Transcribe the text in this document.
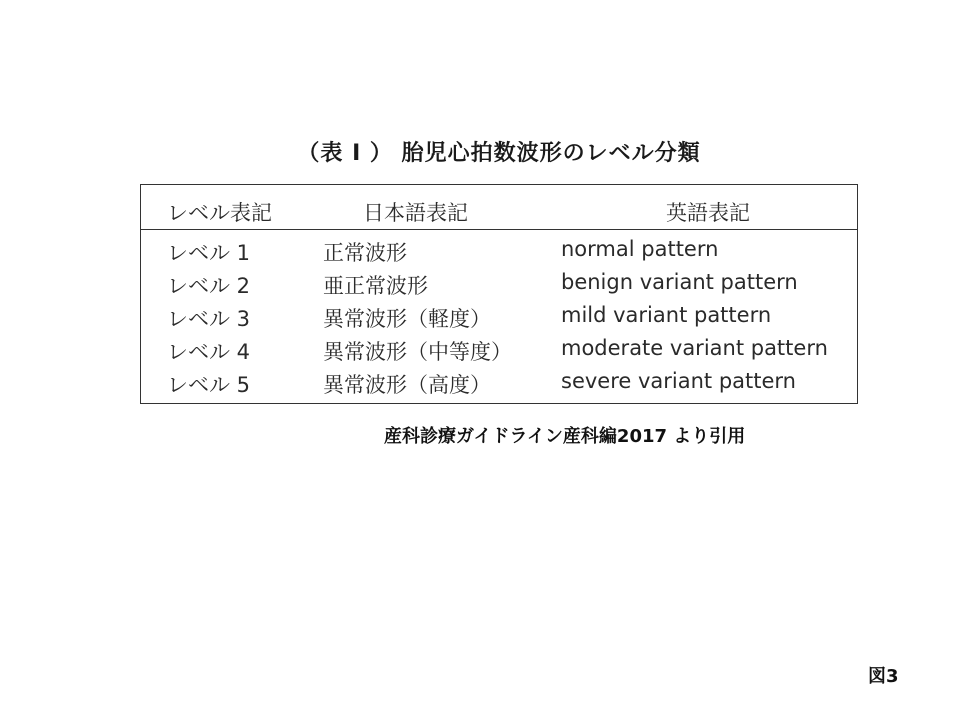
（表 I ） 胎児心拍数波形のレベル分類
レベル表記	日本語表記	英語表記
レベル 1	正常波形	normal pattern
レベル 2	亜正常波形	benign variant pattern
レベル 3	異常波形（軽度）	mild variant pattern
レベル 4	異常波形（中等度） moderate variant pattern
レベル 5	異常波形（高度）	severe variant pattern
産科診療ガイドライン産科編2017 より引用
図3
